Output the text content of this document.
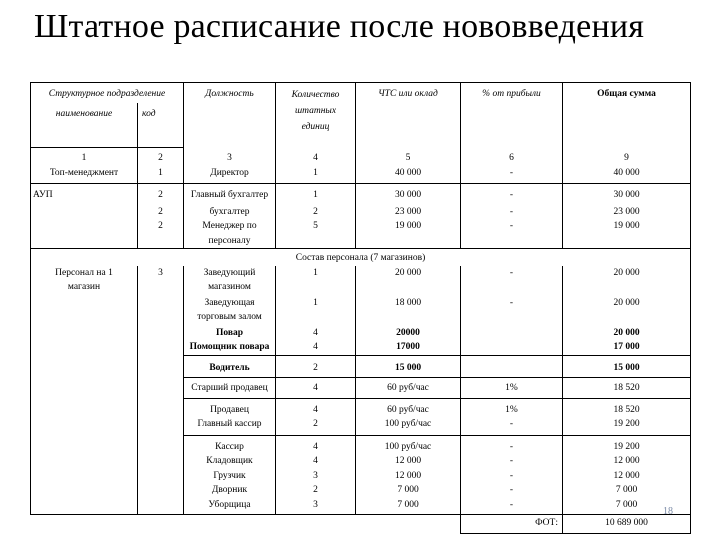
Штатное расписание после нововведения
Структурное подразделение		Должность	Количество штатных единиц	ЧТС или оклад	% от прибыли	Общая сумма
наименование	код					
1	2	3	4	5	6	9
Топ-менеджмент	1	Директор	1	40 000	-	40 000
АУП	2	Главный бухгалтер	1	30 000	-	30 000
	2	бухгалтер	2	23 000	-	23 000
	2	Менеджер по персоналу	5	19 000	-	19 000
Состав персонала (7 магазинов)						
Персонал на 1 магазин	3	Заведующий магазином	1	20 000	-	20 000
		Заведующая торговым залом	1	18 000	-	20 000
		Повар	4	20000		20 000
		Помощник повара	4	17000		17 000
		Водитель	2	15 000		15 000
		Старший продавец	4	60 руб/час	1%	18 520
		Продавец	4	60 руб/час	1%	18 520
		Главный кассир	2	100 руб/час	-	19 200
		Кассир	4	100 руб/час	-	19 200
		Кладовщик	4	12 000	-	12 000
		Грузчик	3	12 000	-	12 000
		Дворник	2	7 000	-	7 000
		Уборщица	3	7 000	-	7 000
					ФОТ:	10 689 000
18
